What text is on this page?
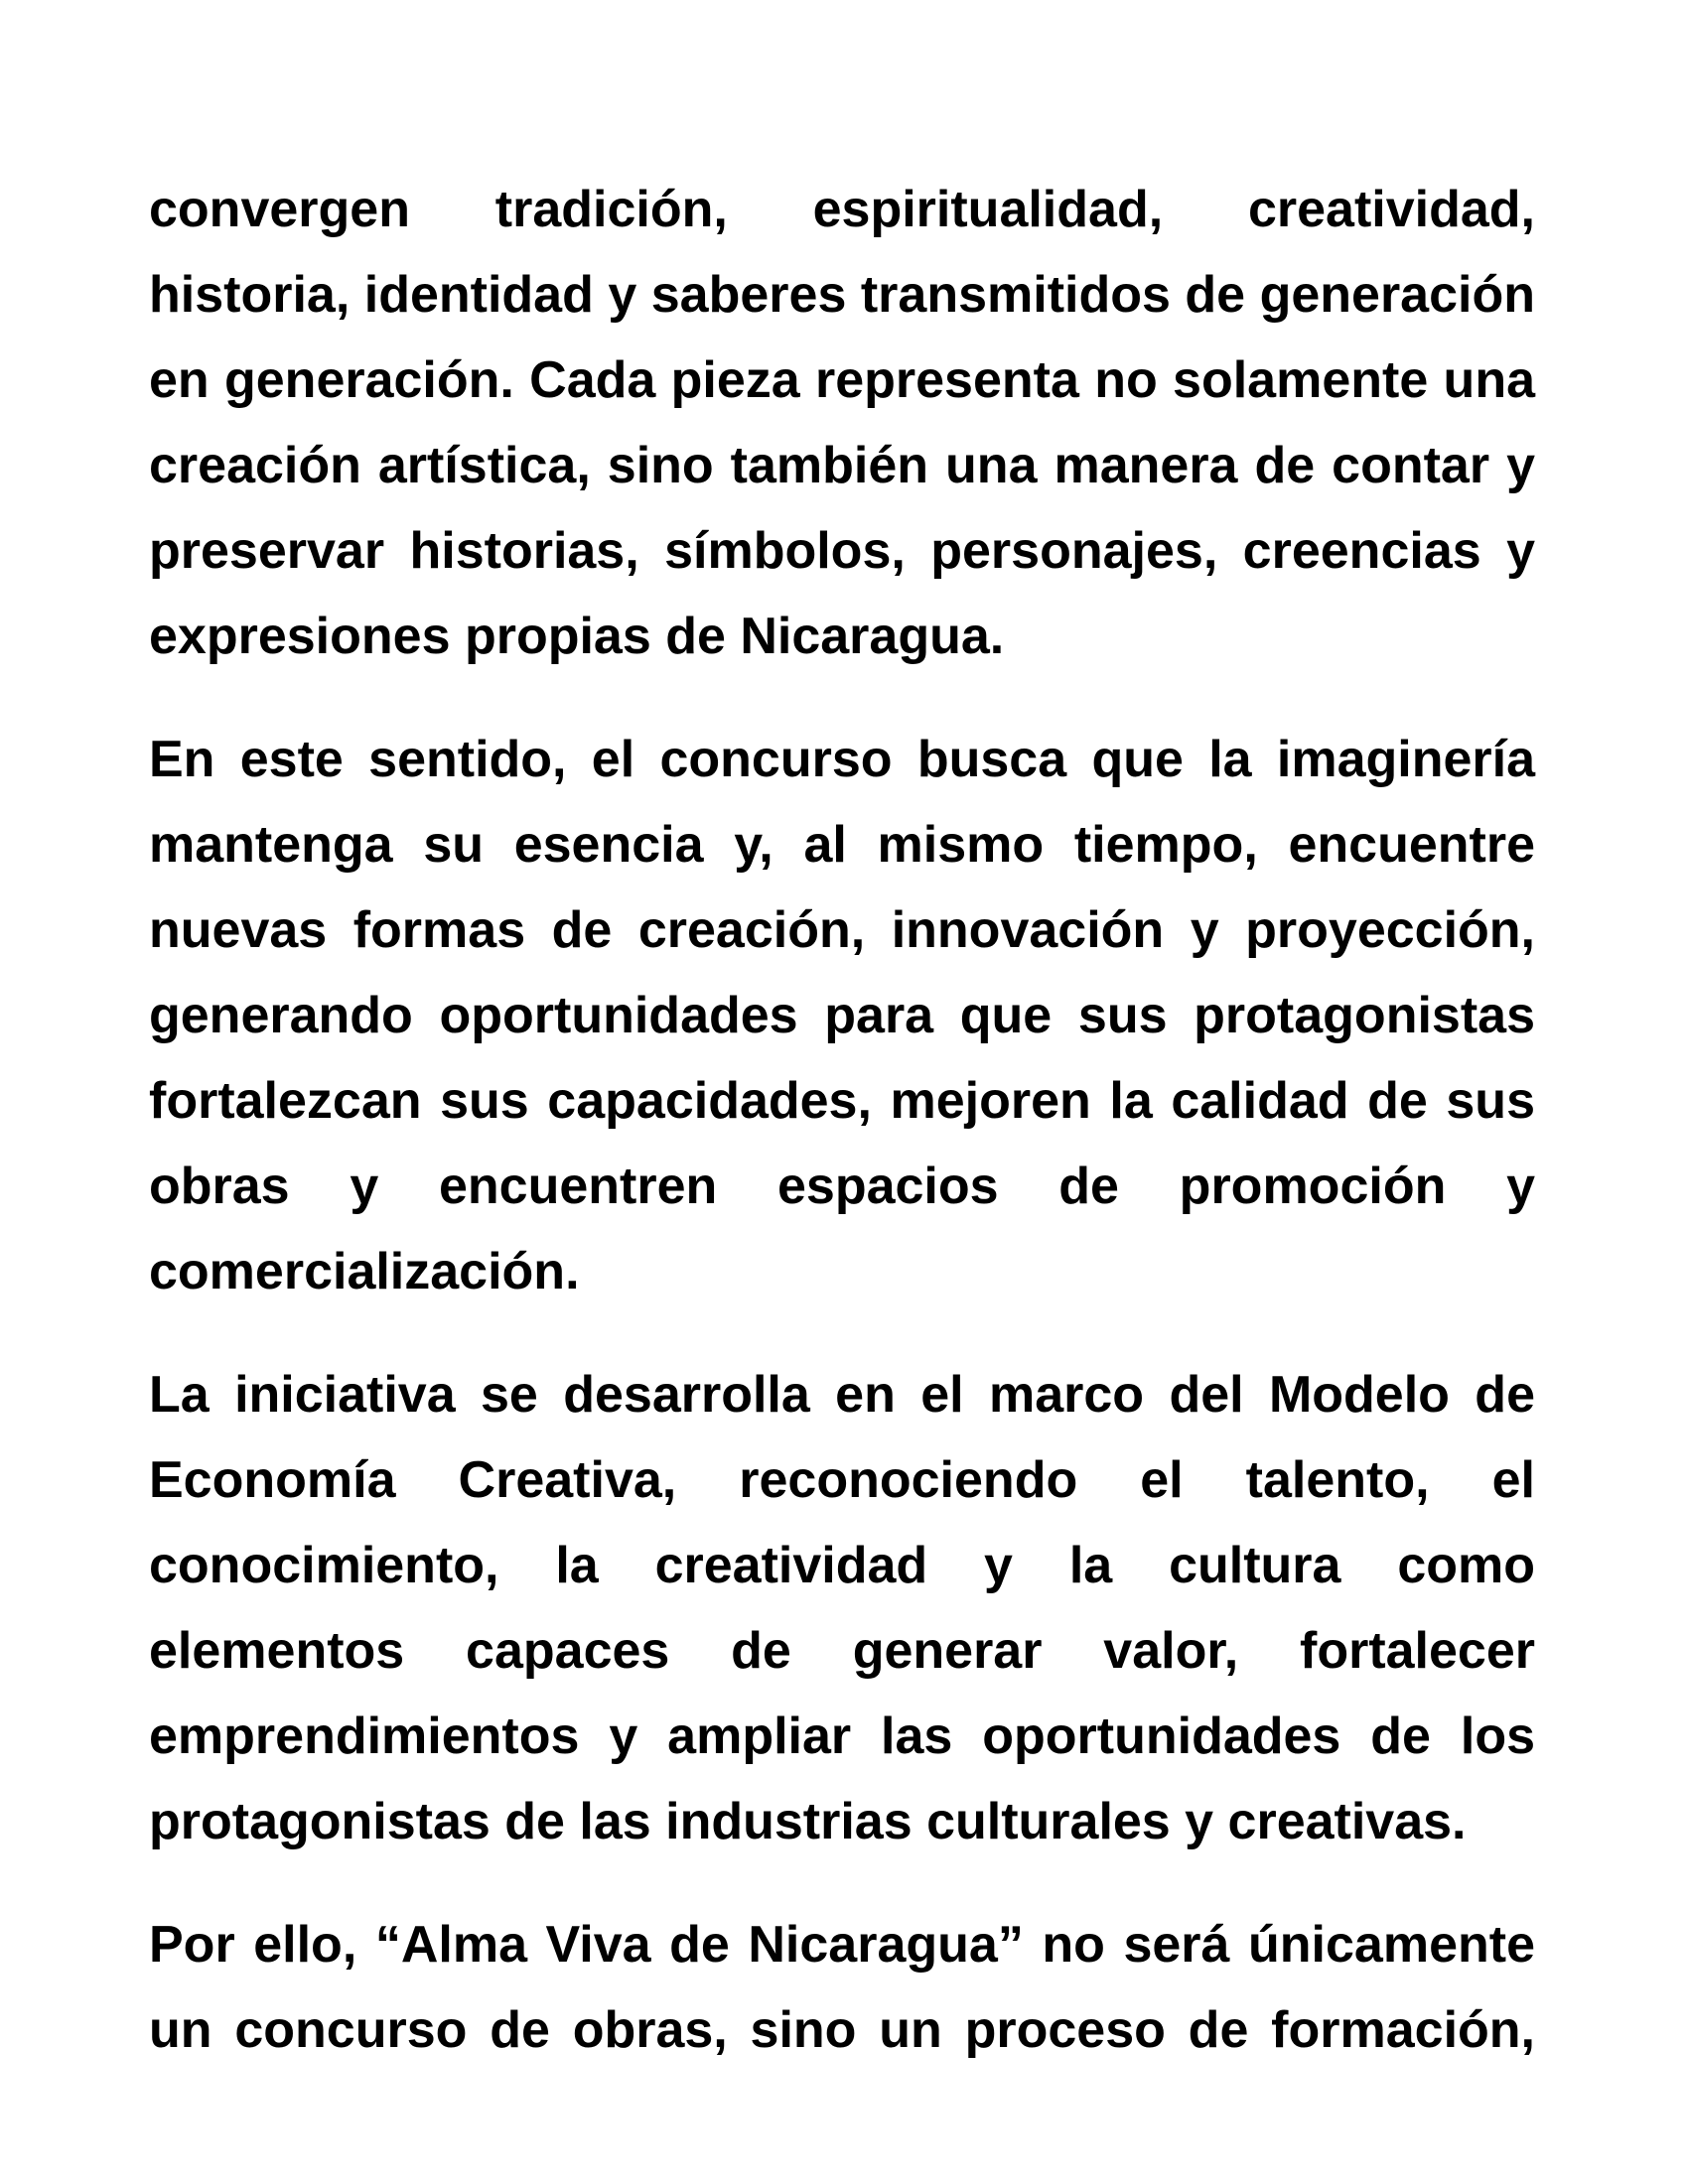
convergen tradición, espiritualidad, creatividad, historia, identidad y saberes transmitidos de generación en generación. Cada pieza representa no solamente una creación artística, sino también una manera de contar y preservar historias, símbolos, personajes, creencias y expresiones propias de Nicaragua.

En este sentido, el concurso busca que la imaginería mantenga su esencia y, al mismo tiempo, encuentre nuevas formas de creación, innovación y proyección, generando oportunidades para que sus protagonistas fortalezcan sus capacidades, mejoren la calidad de sus obras y encuentren espacios de promoción y comercialización.

La iniciativa se desarrolla en el marco del Modelo de Economía Creativa, reconociendo el talento, el conocimiento, la creatividad y la cultura como elementos capaces de generar valor, fortalecer emprendimientos y ampliar las oportunidades de los protagonistas de las industrias culturales y creativas.

Por ello, “Alma Viva de Nicaragua” no será únicamente un concurso de obras, sino un proceso de formación,
